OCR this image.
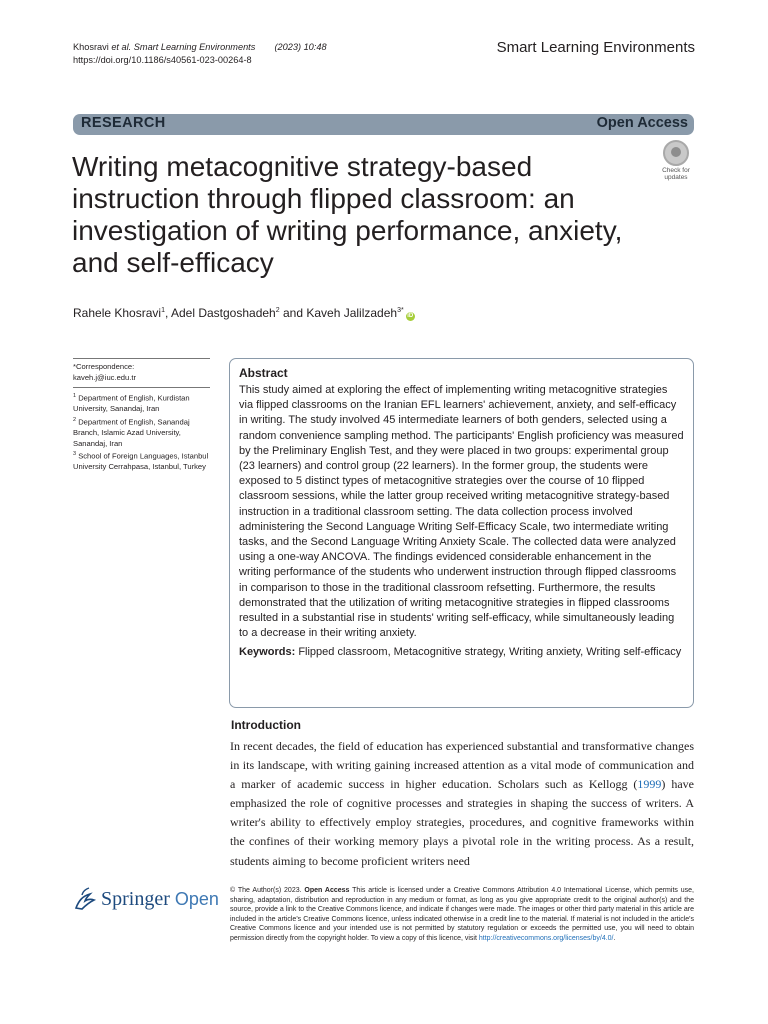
Khosravi et al. Smart Learning Environments (2023) 10:48
https://doi.org/10.1186/s40561-023-00264-8
Smart Learning Environments
RESEARCH	Open Access
Writing metacognitive strategy-based instruction through flipped classroom: an investigation of writing performance, anxiety, and self-efficacy
Check for updates
Rahele Khosravi$^1$, Adel Dastgoshadeh$^2$ and Kaveh Jalilzadeh$^{3*}$iD
*Correspondence:
kaveh.j@iuc.edu.tr
$^1$ Department of English, Kurdistan University, Sanandaj, Iran
$^2$ Department of English, Sanandaj Branch, Islamic Azad University, Sanandaj, Iran
$^3$ School of Foreign Languages, Istanbul University Cerrahpasa, Istanbul, Turkey
Abstract

This study aimed at exploring the effect of implementing writing metacognitive strategies via flipped classrooms on the Iranian EFL learners' achievement, anxiety, and self-efficacy in writing. The study involved 45 intermediate learners of both genders, selected using a random convenience sampling method. The participants' English proficiency was measured by the Preliminary English Test, and they were placed in two groups: experimental group (23 learners) and control group (22 learners). In the former group, the students were exposed to 5 distinct types of metacognitive strategies over the course of 10 flipped classroom sessions, while the latter group received writing metacognitive strategy-based instruction in a traditional classroom setting. The data collection process involved administering the Second Language Writing Self-Efficacy Scale, two intermediate writing tasks, and the Second Language Writing Anxiety Scale. The collected data were analyzed using a one-way ANCOVA. The findings evidenced considerable enhancement in the writing performance of the students who underwent instruction through flipped classrooms in comparison to those in the traditional classroom refsetting. Furthermore, the results demonstrated that the utilization of writing metacognitive strategies in flipped classrooms resulted in a substantial rise in students' writing self-efficacy, while simultaneously leading to a decrease in their writing anxiety.

Keywords: Flipped classroom, Metacognitive strategy, Writing anxiety, Writing self-efficacy
Introduction

In recent decades, the field of education has experienced substantial and transformative changes in its landscape, with writing gaining increased attention as a vital mode of communication and a marker of academic success in higher education. Scholars such as Kellogg (1999) have emphasized the role of cognitive processes and strategies in shaping the success of writers. A writer's ability to effectively employ strategies, procedures, and cognitive frameworks within the confines of their working memory plays a pivotal role in the writing process. As a result, students aiming to become proficient writers need

Springer Open © The Author(s) 2023. Open Access This article is licensed under a Creative Commons Attribution 4.0 International License, which permits use, sharing, adaptation, distribution and reproduction in any medium or format, as long as you give appropriate credit to the original author(s) and the source, provide a link to the Creative Commons licence, and indicate if changes were made. The images or other third party material in this article are included in the article's Creative Commons licence, unless indicated otherwise in a credit line to the material. If material is not included in the article's Creative Commons licence and your intended use is not permitted by statutory regulation or exceeds the permitted use, you will need to obtain permission directly from the copyright holder. To view a copy of this licence, visit http://creativecommons.org/licenses/by/4.0/.
